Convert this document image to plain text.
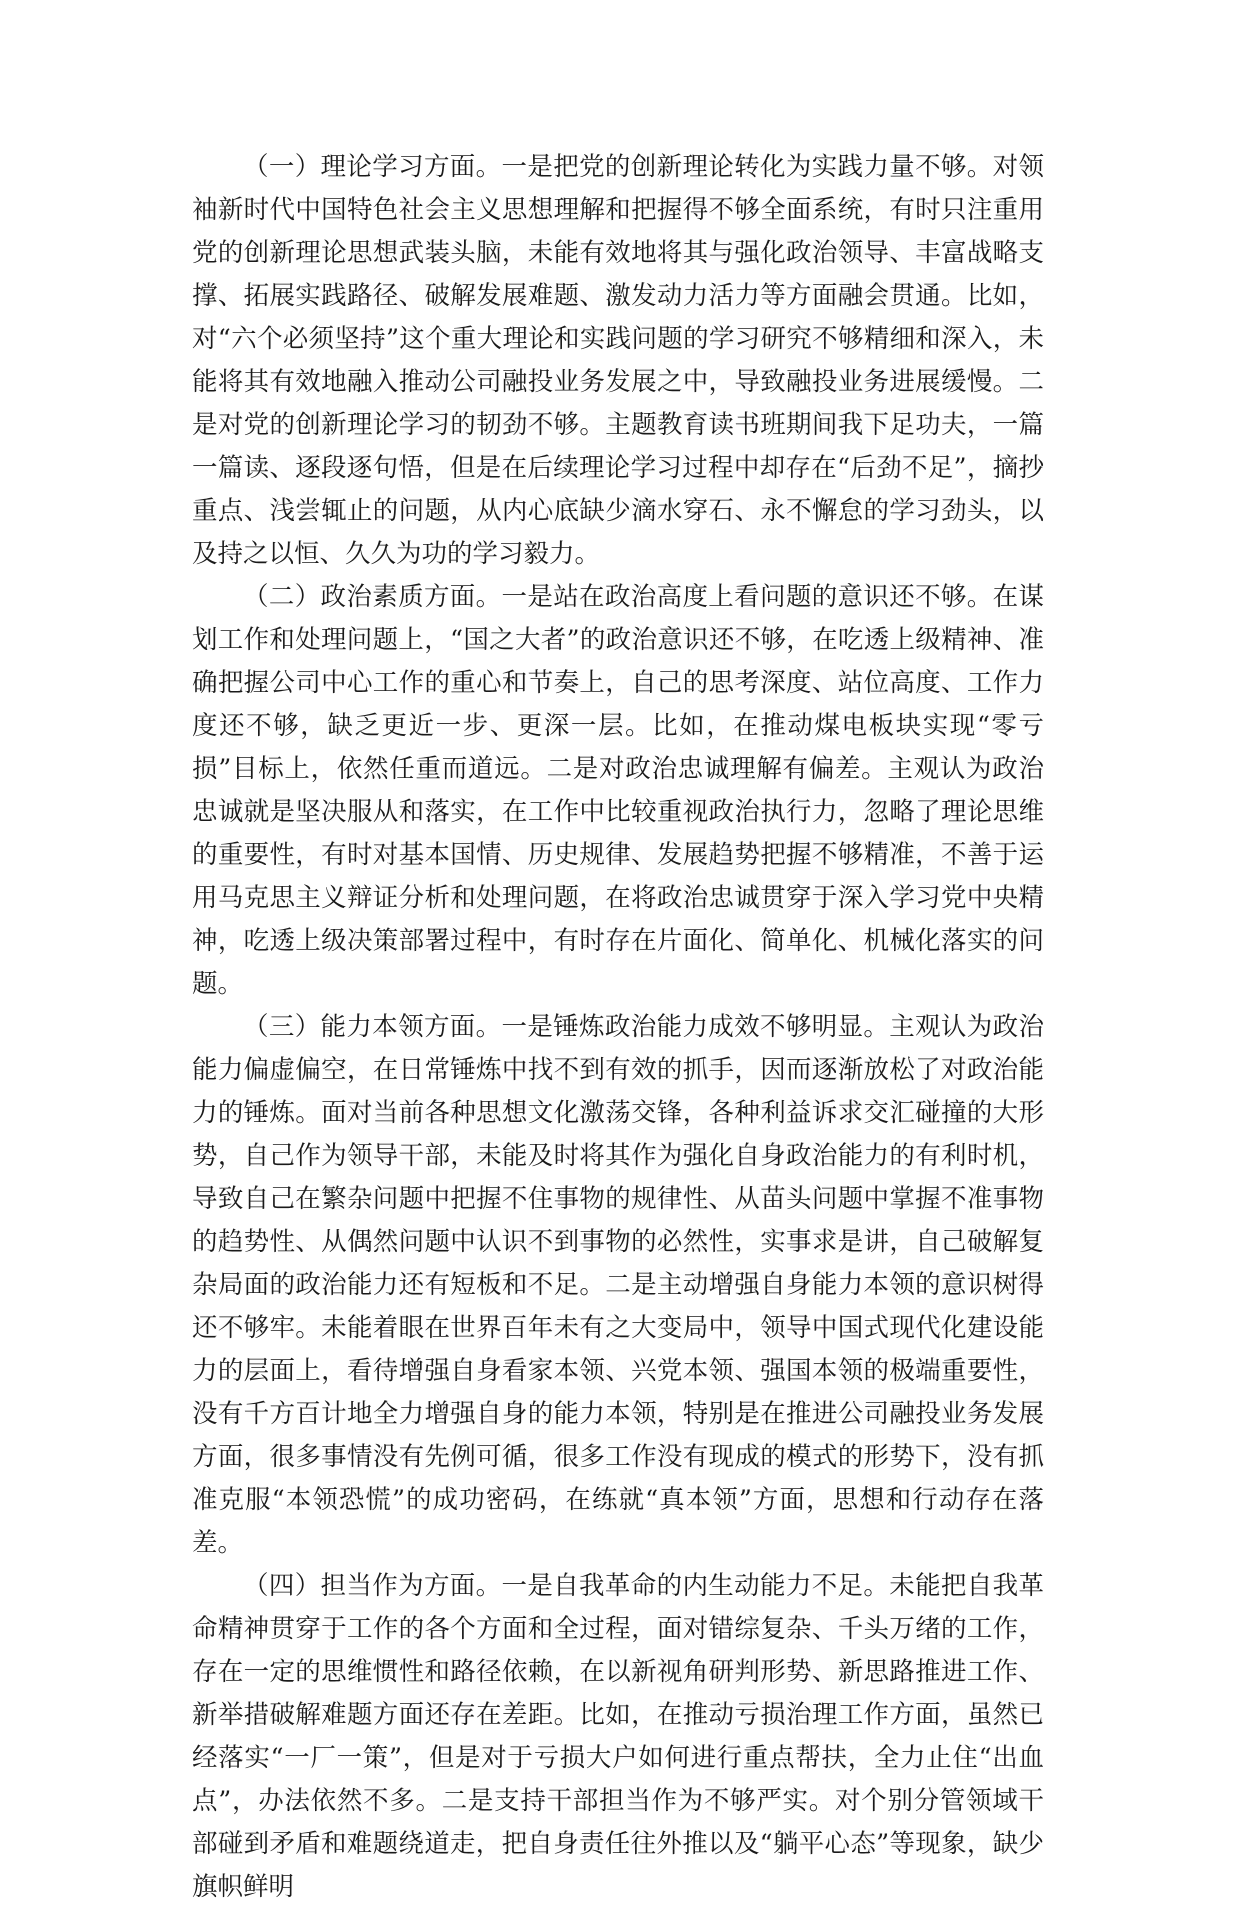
（一）理论学习方面。一是把党的创新理论转化为实践力量不够。对领袖新时代中国特色社会主义思想理解和把握得不够全面系统，有时只注重用党的创新理论思想武装头脑，未能有效地将其与强化政治领导、丰富战略支撑、拓展实践路径、破解发展难题、激发动力活力等方面融会贯通。比如，对“六个必须坚持”这个重大理论和实践问题的学习研究不够精细和深入，未能将其有效地融入推动公司融投业务发展之中，导致融投业务进展缓慢。二是对党的创新理论学习的韧劲不够。主题教育读书班期间我下足功夫，一篇一篇读、逐段逐句悟，但是在后续理论学习过程中却存在“后劲不足”，摘抄重点、浅尝辄止的问题，从内心底缺少滴水穿石、永不懈怠的学习劲头，以及持之以恒、久久为功的学习毅力。

（二）政治素质方面。一是站在政治高度上看问题的意识还不够。在谋划工作和处理问题上，“国之大者”的政治意识还不够，在吃透上级精神、准确把握公司中心工作的重心和节奏上，自己的思考深度、站位高度、工作力度还不够，缺乏更近一步、更深一层。比如，在推动煤电板块实现“零亏损”目标上，依然任重而道远。二是对政治忠诚理解有偏差。主观认为政治忠诚就是坚决服从和落实，在工作中比较重视政治执行力，忽略了理论思维的重要性，有时对基本国情、历史规律、发展趋势把握不够精准，不善于运用马克思主义辩证分析和处理问题，在将政治忠诚贯穿于深入学习党中央精神，吃透上级决策部署过程中，有时存在片面化、简单化、机械化落实的问题。

（三）能力本领方面。一是锤炼政治能力成效不够明显。主观认为政治能力偏虚偏空，在日常锤炼中找不到有效的抓手，因而逐渐放松了对政治能力的锤炼。面对当前各种思想文化激荡交锋，各种利益诉求交汇碰撞的大形势，自己作为领导干部，未能及时将其作为强化自身政治能力的有利时机，导致自己在繁杂问题中把握不住事物的规律性、从苗头问题中掌握不准事物的趋势性、从偶然问题中认识不到事物的必然性，实事求是讲，自己破解复杂局面的政治能力还有短板和不足。二是主动增强自身能力本领的意识树得还不够牢。未能着眼在世界百年未有之大变局中，领导中国式现代化建设能力的层面上，看待增强自身看家本领、兴党本领、强国本领的极端重要性，没有千方百计地全力增强自身的能力本领，特别是在推进公司融投业务发展方面，很多事情没有先例可循，很多工作没有现成的模式的形势下，没有抓准克服“本领恐慌”的成功密码，在练就“真本领”方面，思想和行动存在落差。

（四）担当作为方面。一是自我革命的内生动能力不足。未能把自我革命精神贯穿于工作的各个方面和全过程，面对错综复杂、千头万绪的工作，存在一定的思维惯性和路径依赖，在以新视角研判形势、新思路推进工作、新举措破解难题方面还存在差距。比如，在推动亏损治理工作方面，虽然已经落实“一厂一策”，但是对于亏损大户如何进行重点帮扶，全力止住“出血点”，办法依然不多。二是支持干部担当作为不够严实。对个别分管领域干部碰到矛盾和难题绕道走，把自身责任往外推以及“躺平心态”等现象，缺少旗帜鲜明
